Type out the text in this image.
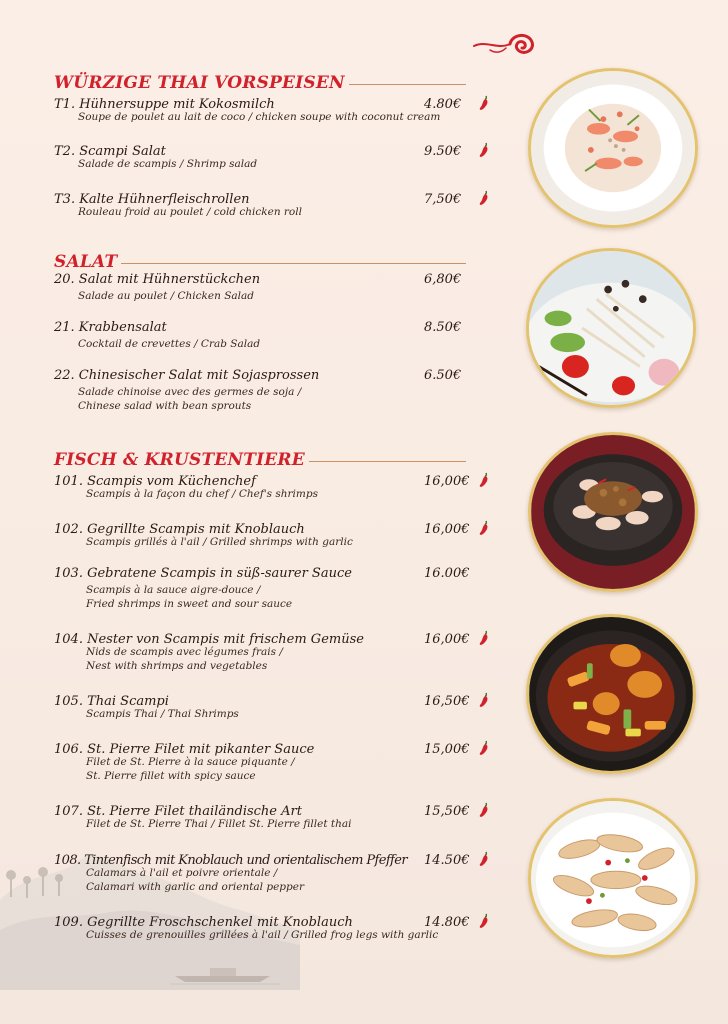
WÜRZIGE THAI VORSPEISEN
T1. Hühnersuppe mit Kokosmilch	4.80€
Soupe de poulet au lait de coco / chicken soupe with coconut cream
T2. Scampi Salat	9.50€
Salade de scampis / Shrimp salad
T3. Kalte Hühnerfleischrollen	7,50€
Rouleau froid au poulet / cold chicken roll
SALAT
20. Salat mit Hühnerstückchen	6,80€
Salade au poulet / Chicken Salad
21. Krabbensalat	8.50€
Cocktail de crevettes / Crab Salad
22. Chinesischer Salat mit Sojasprossen	6.50€
Salade chinoise avec des germes de soja /
Chinese salad with bean sprouts
FISCH & KRUSTENTIERE
101. Scampis vom Küchenchef	16,00€
Scampis à la façon du chef / Chef's shrimps
102. Gegrillte Scampis mit Knoblauch	16,00€
Scampis grillés à l'ail / Grilled shrimps with garlic
103. Gebratene Scampis in süß-saurer Sauce	16.00€
Scampis à la sauce aigre-douce /
Fried shrimps in sweet and sour sauce
104. Nester von Scampis mit frischem Gemüse	16,00€
Nids de scampis avec légumes frais /
Nest with shrimps and vegetables
105. Thai Scampi	16,50€
Scampis Thai / Thai Shrimps
106. St. Pierre Filet mit pikanter Sauce	15,00€
Filet de St. Pierre à la sauce piquante /
St. Pierre fillet with spicy sauce
107. St. Pierre Filet thailändische Art	15,50€
Filet de St. Pierre Thai / Fillet St. Pierre fillet thai
108. Tintenfisch mit Knoblauch und orientalischem Pfeffer	14.50€
Calamars à l'ail et poivre orientale /
Calamari with garlic and oriental pepper
109. Gegrillte Froschschenkel mit Knoblauch	14.80€
Cuisses de grenouilles grillées à l'ail / Grilled frog legs with garlic
